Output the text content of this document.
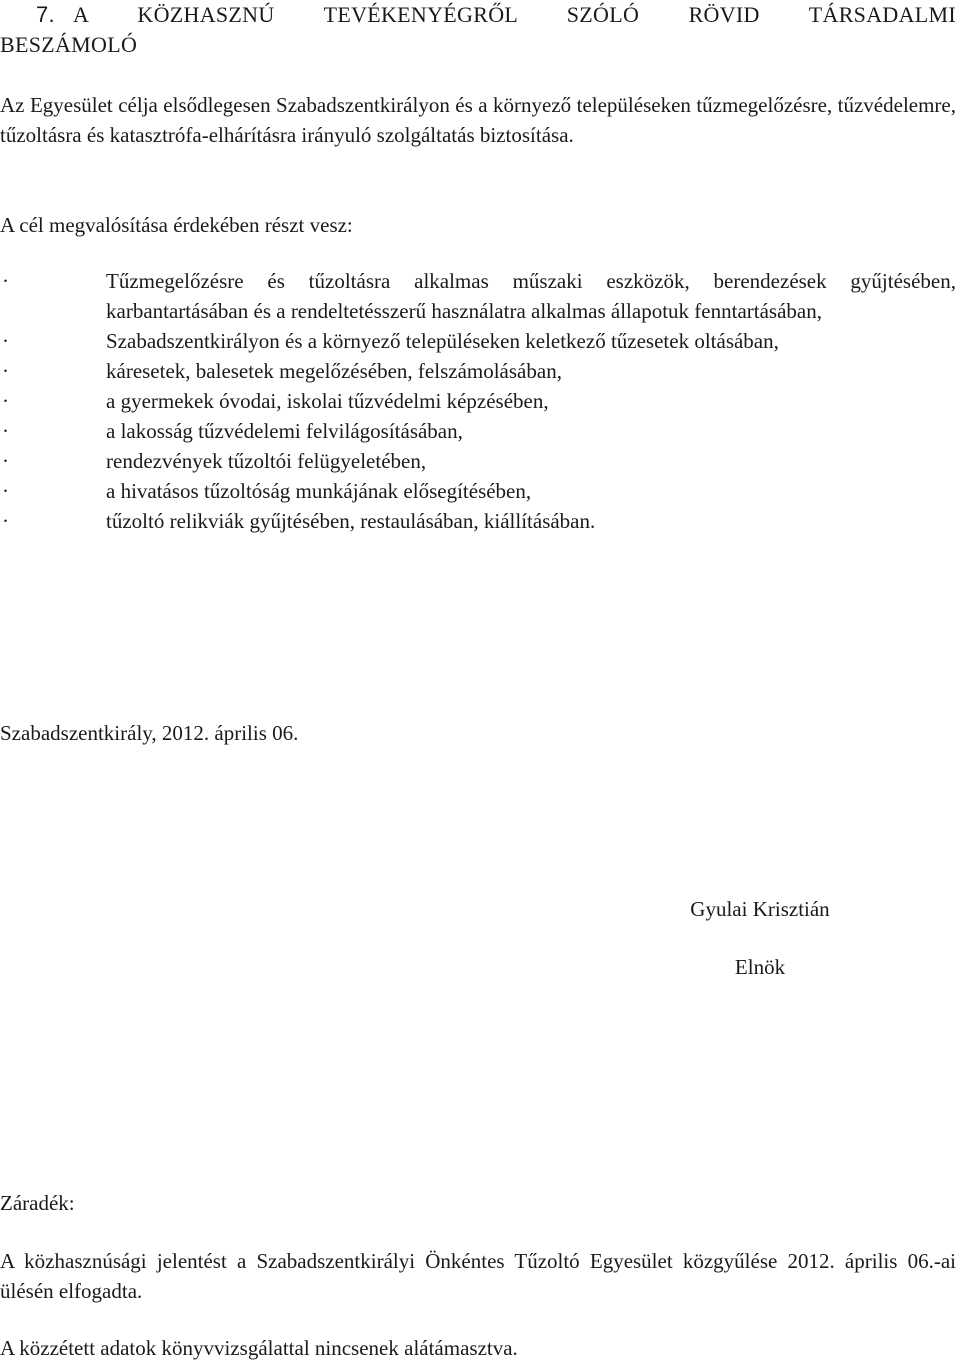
7. A KÖZHASZNÚ TEVÉKENYÉGRŐL SZÓLÓ RÖVID TÁRSADALMI
BESZÁMOLÓ

Az Egyesület célja elsődlegesen Szabadszentkirályon és a környező településeken tűzmegelőzésre, tűzvédelemre, tűzoltásra és katasztrófa-elhárításra irányuló szolgáltatás biztosítása.

A cél megvalósítása érdekében részt vesz:

·	Tűzmegelőzésre és tűzoltásra alkalmas műszaki eszközök, berendezések gyűjtésében, karbantartásában és a rendeltetésszerű használatra alkalmas állapotuk fenntartásában,
·	Szabadszentkirályon és a környező településeken keletkező tűzesetek oltásában,
·	káresetek, balesetek megelőzésében, felszámolásában,
·	a gyermekek óvodai, iskolai tűzvédelmi képzésében,
·	a lakosság tűzvédelemi felvilágosításában,
·	rendezvények tűzoltói felügyeletében,
·	a hivatásos tűzoltóság munkájának elősegítésében,
·	tűzoltó relikviák gyűjtésében, restaulásában, kiállításában.

Szabadszentkirály, 2012. április 06.

Gyulai Krisztián
Elnök

Záradék:

A közhasznúsági jelentést a Szabadszentkirályi Önkéntes Tűzoltó Egyesület közgyűlése 2012. április 06.-ai ülésén elfogadta.

A közzétett adatok könyvvizsgálattal nincsenek alátámasztva.
